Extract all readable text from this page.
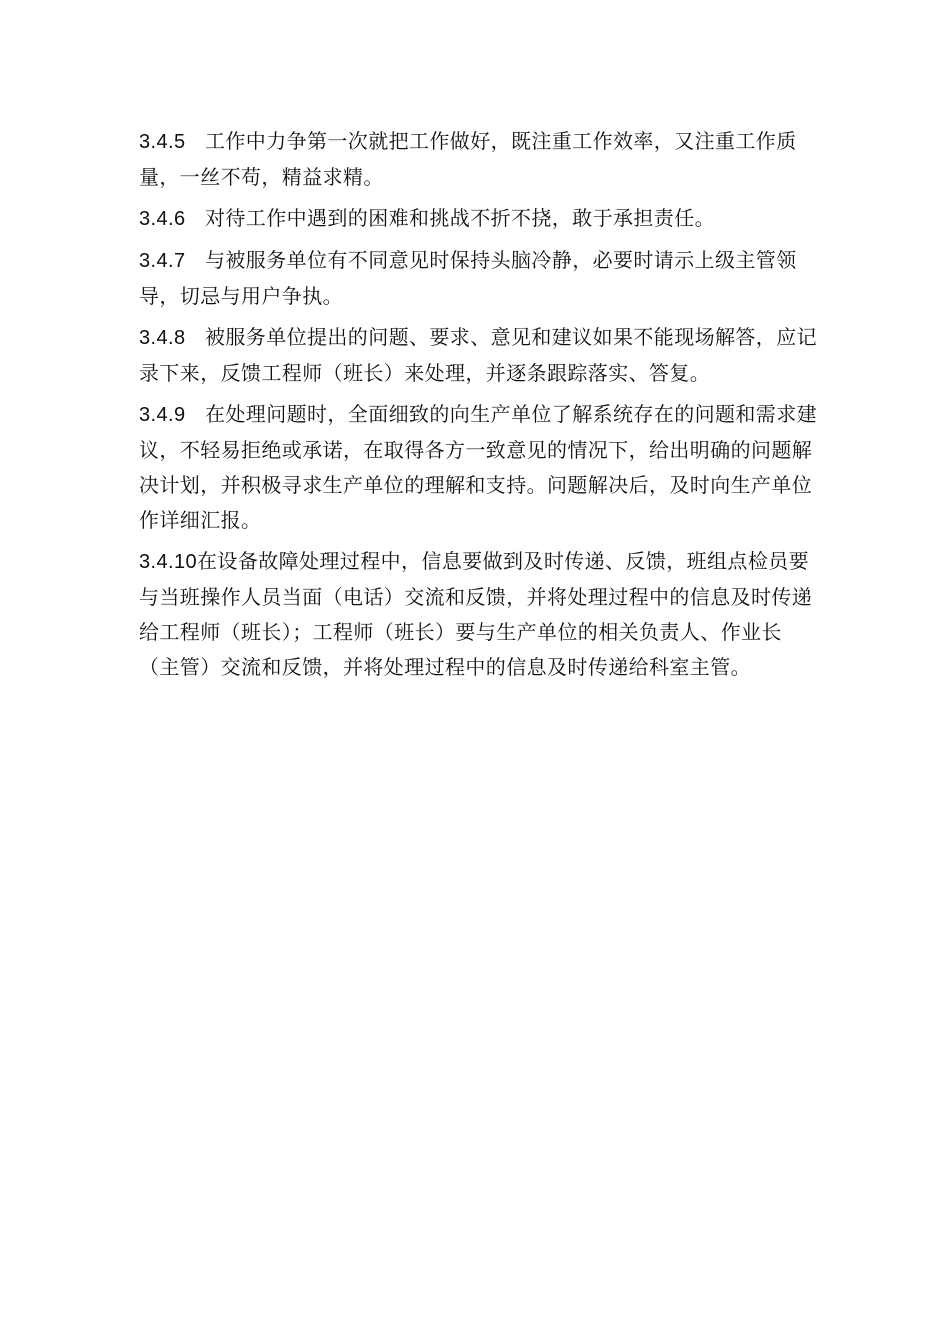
3.4.5 工作中力争第一次就把工作做好，既注重工作效率，又注重工作质量，一丝不苟，精益求精。

3.4.6 对待工作中遇到的困难和挑战不折不挠，敢于承担责任。

3.4.7 与被服务单位有不同意见时保持头脑冷静，必要时请示上级主管领导，切忌与用户争执。

3.4.8 被服务单位提出的问题、要求、意见和建议如果不能现场解答，应记录下来，反馈工程师（班长）来处理，并逐条跟踪落实、答复。

3.4.9 在处理问题时，全面细致的向生产单位了解系统存在的问题和需求建议，不轻易拒绝或承诺，在取得各方一致意见的情况下，给出明确的问题解决计划，并积极寻求生产单位的理解和支持。问题解决后，及时向生产单位作详细汇报。

3.4.10在设备故障处理过程中，信息要做到及时传递、反馈，班组点检员要与当班操作人员当面（电话）交流和反馈，并将处理过程中的信息及时传递给工程师（班长）；工程师（班长）要与生产单位的相关负责人、作业长（主管）交流和反馈，并将处理过程中的信息及时传递给科室主管。
